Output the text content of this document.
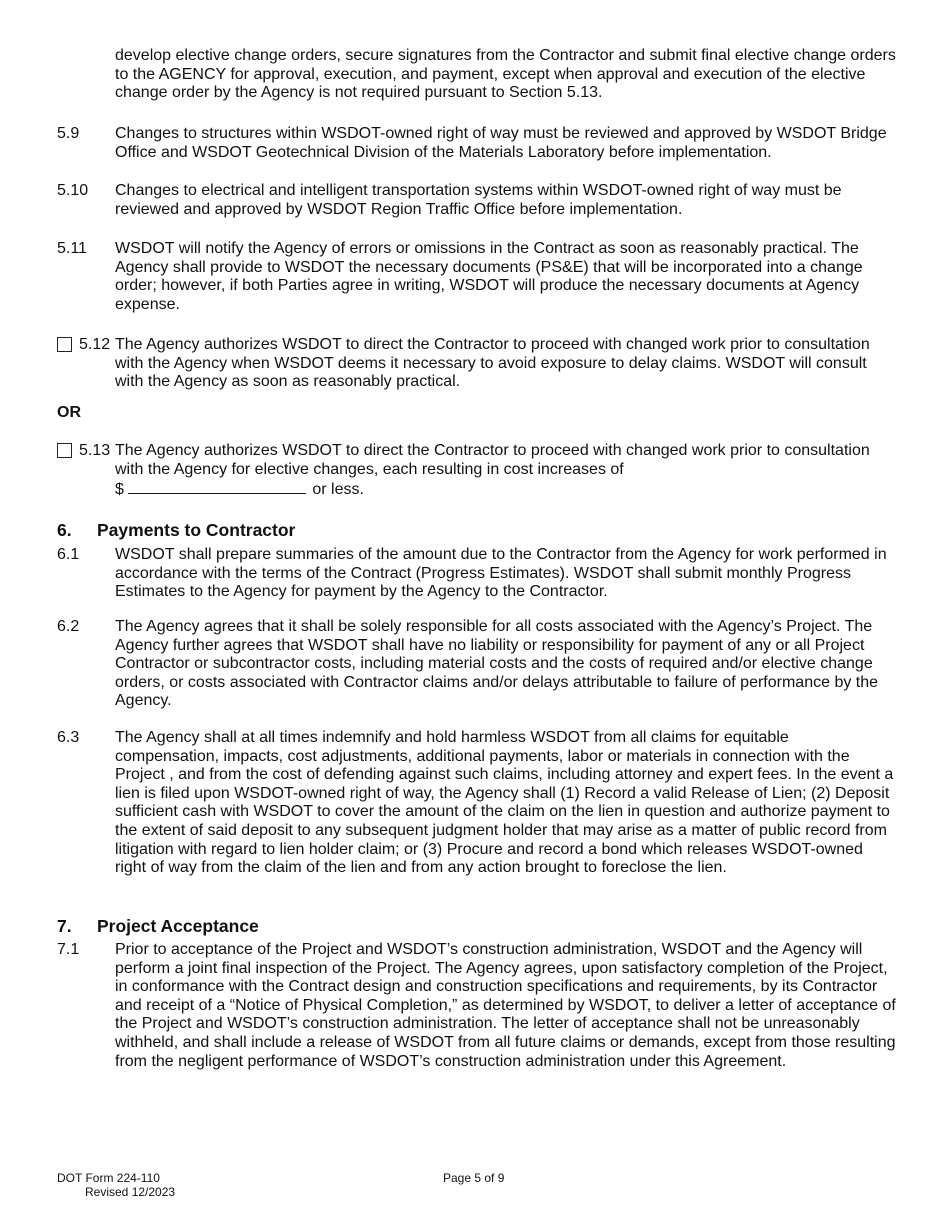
develop elective change orders, secure signatures from the Contractor and submit final elective change orders to the AGENCY for approval, execution, and payment, except when approval and execution of the elective change order by the Agency is not required pursuant to Section 5.13.
5.9 Changes to structures within WSDOT-owned right of way must be reviewed and approved by WSDOT Bridge Office and WSDOT Geotechnical Division of the Materials Laboratory before implementation.
5.10 Changes to electrical and intelligent transportation systems within WSDOT-owned right of way must be reviewed and approved by WSDOT Region Traffic Office before implementation.
5.11 WSDOT will notify the Agency of errors or omissions in the Contract as soon as reasonably practical. The Agency shall provide to WSDOT the necessary documents (PS&E) that will be incorporated into a change order; however, if both Parties agree in writing, WSDOT will produce the necessary documents at Agency expense.
5.12 The Agency authorizes WSDOT to direct the Contractor to proceed with changed work prior to consultation with the Agency when WSDOT deems it necessary to avoid exposure to delay claims. WSDOT will consult with the Agency as soon as reasonably practical.
OR
5.13 The Agency authorizes WSDOT to direct the Contractor to proceed with changed work prior to consultation with the Agency for elective changes, each resulting in cost increases of
$	or less.
6. Payments to Contractor
6.1 WSDOT shall prepare summaries of the amount due to the Contractor from the Agency for work performed in accordance with the terms of the Contract (Progress Estimates). WSDOT shall submit monthly Progress Estimates to the Agency for payment by the Agency to the Contractor.
6.2 The Agency agrees that it shall be solely responsible for all costs associated with the Agency’s Project. The Agency further agrees that WSDOT shall have no liability or responsibility for payment of any or all Project Contractor or subcontractor costs, including material costs and the costs of required and/or elective change orders, or costs associated with Contractor claims and/or delays attributable to failure of performance by the Agency.
6.3 The Agency shall at all times indemnify and hold harmless WSDOT from all claims for equitable compensation, impacts, cost adjustments, additional payments, labor or materials in connection with the Project , and from the cost of defending against such claims, including attorney and expert fees. In the event a lien is filed upon WSDOT-owned right of way, the Agency shall (1) Record a valid Release of Lien; (2) Deposit sufficient cash with WSDOT to cover the amount of the claim on the lien in question and authorize payment to the extent of said deposit to any subsequent judgment holder that may arise as a matter of public record from litigation with regard to lien holder claim; or (3) Procure and record a bond which releases WSDOT-owned right of way from the claim of the lien and from any action brought to foreclose the lien.
7. Project Acceptance
7.1 Prior to acceptance of the Project and WSDOT’s construction administration, WSDOT and the Agency will perform a joint final inspection of the Project. The Agency agrees, upon satisfactory completion of the Project, in conformance with the Contract design and construction specifications and requirements, by its Contractor and receipt of a “Notice of Physical Completion,” as determined by WSDOT, to deliver a letter of acceptance of the Project and WSDOT’s construction administration. The letter of acceptance shall not be unreasonably withheld, and shall include a release of WSDOT from all future claims or demands, except from those resulting from the negligent performance of WSDOT’s construction administration under this Agreement.
DOT Form 224-110
Revised 12/2023
Page 5 of 9
